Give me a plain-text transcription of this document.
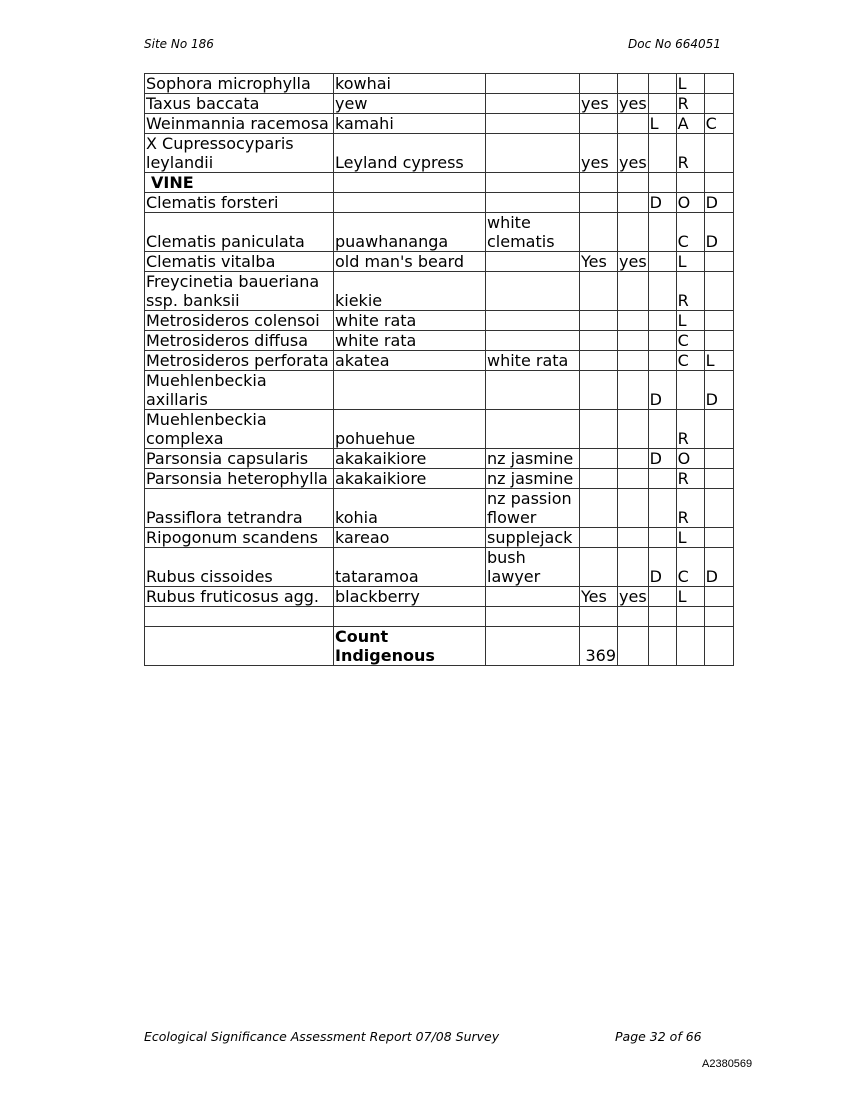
Site No 186	Doc No 664051
Sophora microphylla	kowhai					L	
Taxus baccata	yew		yes	yes		R	
Weinmannia racemosa	kamahi				L	A	C
X Cupressocyparis leylandii	Leyland cypress		yes	yes		R	
VINE							
Clematis forsteri					D	O	D
Clematis paniculata	puawhananga	white clematis				C	D
Clematis vitalba	old man's beard		Yes	yes		L	
Freycinetia baueriana ssp. banksii	kiekie					R	
Metrosideros colensoi	white rata					L	
Metrosideros diffusa	white rata					C	
Metrosideros perforata	akatea	white rata				C	L
Muehlenbeckia axillaris					D		D
Muehlenbeckia complexa	pohuehue					R	
Parsonsia capsularis	akakaikiore	nz jasmine			D	O	
Parsonsia heterophylla	akakaikiore	nz jasmine				R	
Passiflora tetrandra	kohia	nz passion flower				R	
Ripogonum scandens	kareao	supplejack				L	
Rubus cissoides	tataramoa	bush lawyer			D	C	D
Rubus fruticosus agg.	blackberry		Yes	yes		L	

	Count Indigenous		369				
Ecological Significance Assessment Report 07/08 Survey	Page 32 of 66
A2380569
